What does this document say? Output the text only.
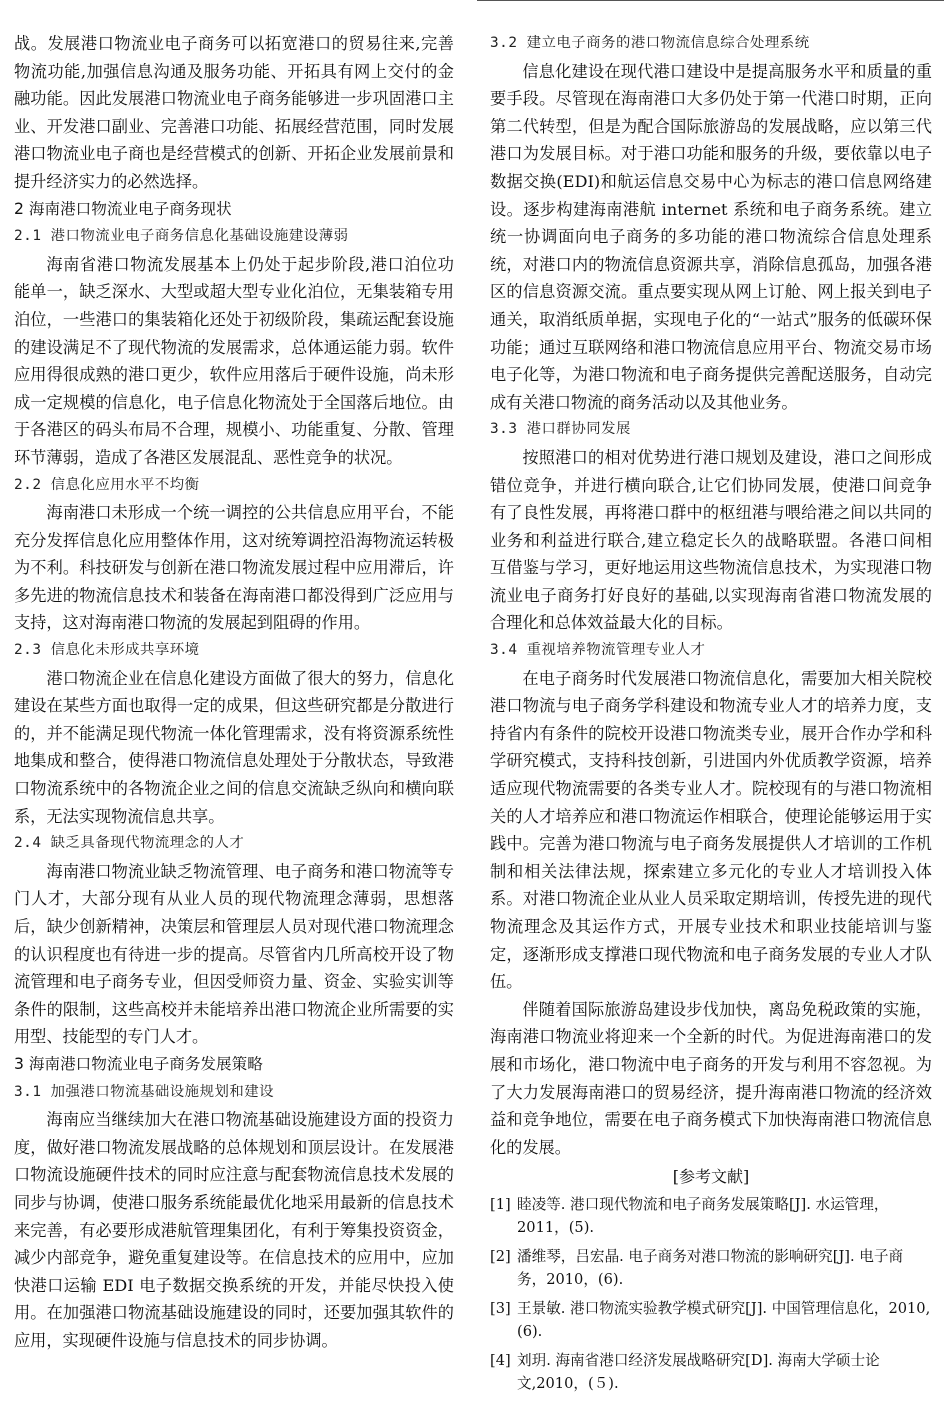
战。发展港口物流业电子商务可以拓宽港口的贸易往来,完善物流功能,加强信息沟通及服务功能、开拓具有网上交付的金融功能。因此发展港口物流业电子商务能够进一步巩固港口主业、开发港口副业、完善港口功能、拓展经营范围，同时发展港口物流业电子商也是经营模式的创新、开拓企业发展前景和提升经济实力的必然选择。

2 海南港口物流业电子商务现状
2.1 港口物流业电子商务信息化基础设施建设薄弱

海南省港口物流发展基本上仍处于起步阶段,港口泊位功能单一，缺乏深水、大型或超大型专业化泊位，无集装箱专用泊位，一些港口的集装箱化还处于初级阶段，集疏运配套设施的建设满足不了现代物流的发展需求，总体通运能力弱。软件应用得很成熟的港口更少，软件应用落后于硬件设施，尚未形成一定规模的信息化，电子信息化物流处于全国落后地位。由于各港区的码头布局不合理，规模小、功能重复、分散、管理环节薄弱，造成了各港区发展混乱、恶性竞争的状况。

2.2 信息化应用水平不均衡

海南港口未形成一个统一调控的公共信息应用平台，不能充分发挥信息化应用整体作用，这对统筹调控沿海物流运转极为不利。科技研发与创新在港口物流发展过程中应用滞后，许多先进的物流信息技术和装备在海南港口都没得到广泛应用与支持，这对海南港口物流的发展起到阻碍的作用。

2.3 信息化未形成共享环境

港口物流企业在信息化建设方面做了很大的努力，信息化建设在某些方面也取得一定的成果，但这些研究都是分散进行的，并不能满足现代物流一体化管理需求，没有将资源系统性地集成和整合，使得港口物流信息处理处于分散状态，导致港口物流系统中的各物流企业之间的信息交流缺乏纵向和横向联系，无法实现物流信息共享。

2.4 缺乏具备现代物流理念的人才

海南港口物流业缺乏物流管理、电子商务和港口物流等专门人才，大部分现有从业人员的现代物流理念薄弱，思想落后，缺少创新精神，决策层和管理层人员对现代港口物流理念的认识程度也有待进一步的提高。尽管省内几所高校开设了物流管理和电子商务专业，但因受师资力量、资金、实验实训等条件的限制，这些高校并未能培养出港口物流企业所需要的实用型、技能型的专门人才。

3 海南港口物流业电子商务发展策略
3.1 加强港口物流基础设施规划和建设

海南应当继续加大在港口物流基础设施建设方面的投资力度，做好港口物流发展战略的总体规划和顶层设计。在发展港口物流设施硬件技术的同时应注意与配套物流信息技术发展的同步与协调，使港口服务系统能最优化地采用最新的信息技术来完善，有必要形成港航管理集团化，有利于筹集投资资金，减少内部竞争，避免重复建设等。在信息技术的应用中，应加快港口运输 EDI 电子数据交换系统的开发，并能尽快投入使用。在加强港口物流基础设施建设的同时，还要加强其软件的应用，实现硬件设施与信息技术的同步协调。

3.2 建立电子商务的港口物流信息综合处理系统

信息化建设在现代港口建设中是提高服务水平和质量的重要手段。尽管现在海南港口大多仍处于第一代港口时期，正向第二代转型，但是为配合国际旅游岛的发展战略，应以第三代港口为发展目标。对于港口功能和服务的升级，要依靠以电子数据交换(EDI)和航运信息交易中心为标志的港口信息网络建设。逐步构建海南港航 internet 系统和电子商务系统。建立统一协调面向电子商务的多功能的港口物流综合信息处理系统，对港口内的物流信息资源共享，消除信息孤岛，加强各港区的信息资源交流。重点要实现从网上订舱、网上报关到电子通关，取消纸质单据，实现电子化的“一站式”服务的低碳环保功能；通过互联网络和港口物流信息应用平台、物流交易市场电子化等，为港口物流和电子商务提供完善配送服务，自动完成有关港口物流的商务活动以及其他业务。

3.3 港口群协同发展

按照港口的相对优势进行港口规划及建设，港口之间形成错位竞争，并进行横向联合,让它们协同发展，使港口间竞争有了良性发展，再将港口群中的枢纽港与喂给港之间以共同的业务和利益进行联合,建立稳定长久的战略联盟。各港口间相互借鉴与学习，更好地运用这些物流信息技术，为实现港口物流业电子商务打好良好的基础,以实现海南省港口物流发展的合理化和总体效益最大化的目标。

3.4 重视培养物流管理专业人才

在电子商务时代发展港口物流信息化，需要加大相关院校港口物流与电子商务学科建设和物流专业人才的培养力度，支持省内有条件的院校开设港口物流类专业，展开合作办学和科学研究模式，支持科技创新，引进国内外优质教学资源，培养适应现代物流需要的各类专业人才。院校现有的与港口物流相关的人才培养应和港口物流运作相联合，使理论能够运用于实践中。完善为港口物流与电子商务发展提供人才培训的工作机制和相关法律法规，探索建立多元化的专业人才培训投入体系。对港口物流企业从业人员采取定期培训，传授先进的现代物流理念及其运作方式，开展专业技术和职业技能培训与鉴定，逐渐形成支撑港口现代物流和电子商务发展的专业人才队伍。

伴随着国际旅游岛建设步伐加快，离岛免税政策的实施，海南港口物流业将迎来一个全新的时代。为促进海南港口的发展和市场化，港口物流中电子商务的开发与利用不容忽视。为了大力发展海南港口的贸易经济，提升海南港口物流的经济效益和竞争地位，需要在电子商务模式下加快海南港口物流信息化的发展。

[参考文献]
[1] 睦凌等. 港口现代物流和电子商务发展策略[J]. 水运管理，2011，(5).
[2] 潘维琴，吕宏晶. 电子商务对港口物流的影响研究[J]. 电子商务，2010，(6).
[3] 王景敏. 港口物流实验教学模式研究[J]. 中国管理信息化，2010,(6).
[4] 刘玥. 海南省港口经济发展战略研究[D]. 海南大学硕士论文,2010，(５).
